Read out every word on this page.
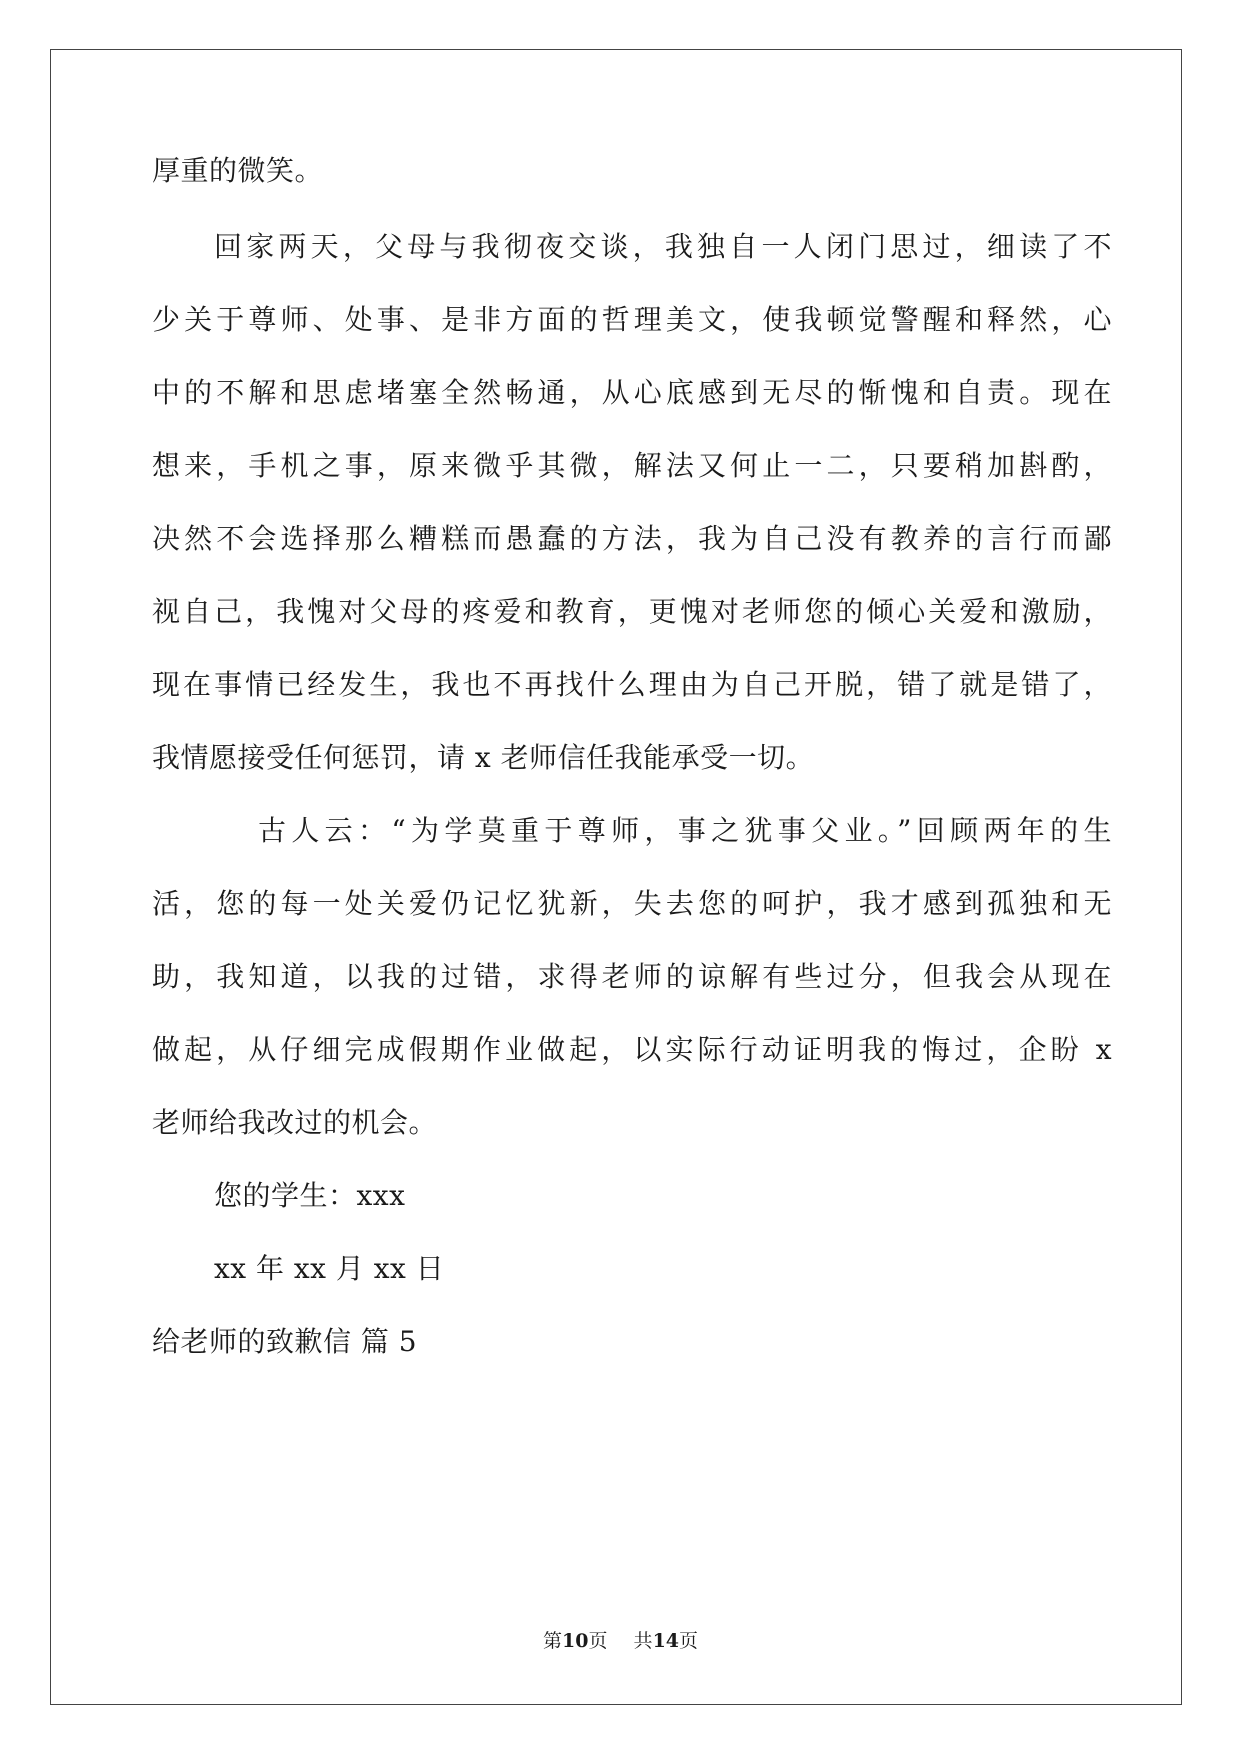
厚重的微笑。
回家两天，父母与我彻夜交谈，我独自一人闭门思过，细读了不
少关于尊师、处事、是非方面的哲理美文，使我顿觉警醒和释然，心
中的不解和思虑堵塞全然畅通，从心底感到无尽的惭愧和自责。现在
想来，手机之事，原来微乎其微，解法又何止一二，只要稍加斟酌，
决然不会选择那么糟糕而愚蠢的方法，我为自己没有教养的言行而鄙
视自己，我愧对父母的疼爱和教育，更愧对老师您的倾心关爱和激励，
现在事情已经发生，我也不再找什么理由为自己开脱，错了就是错了，
我情愿接受任何惩罚，请 x 老师信任我能承受一切。
古人云：“为学莫重于尊师，事之犹事父业。”回顾两年的生
活，您的每一处关爱仍记忆犹新，失去您的呵护，我才感到孤独和无
助，我知道，以我的过错，求得老师的谅解有些过分，但我会从现在
做起，从仔细完成假期作业做起，以实际行动证明我的悔过，企盼 x
老师给我改过的机会。
您的学生：xxx
xx 年 xx 月 xx 日
给老师的致歉信 篇 5
第10页 共14页
